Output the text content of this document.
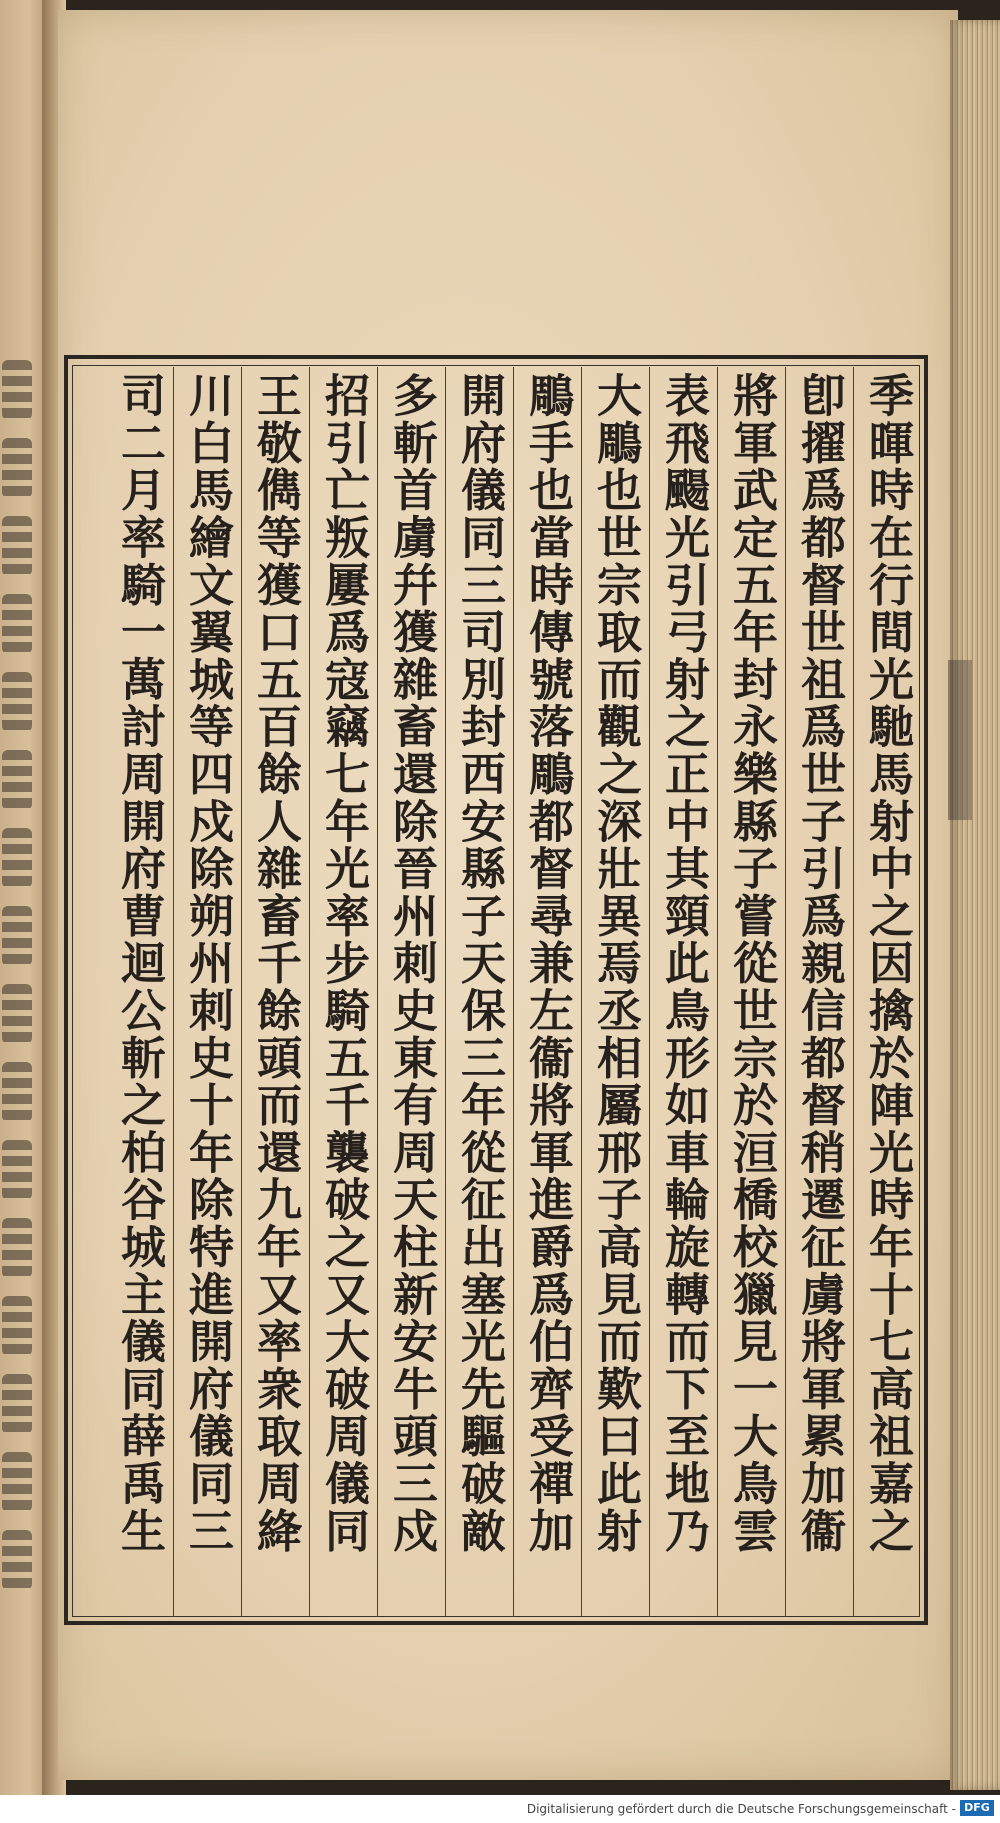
季暉時在行間光馳馬射中之因擒於陣光時年十七高祖嘉之
卽擢爲都督世祖爲世子引爲親信都督稍遷征虜將軍累加衞
將軍武定五年封永樂縣子嘗從世宗於洹橋校獵見一大鳥雲
表飛颺光引弓射之正中其頸此鳥形如車輪旋轉而下至地乃
大鵰也世宗取而觀之深壯異焉丞相屬邢子高見而歎曰此射
鵰手也當時傳號落鵰都督尋兼左衞將軍進爵爲伯齊受禪加
開府儀同三司別封西安縣子天保三年從征出塞光先驅破敵
多斬首虜幷獲雜畜還除晉州刺史東有周天柱新安牛頭三戍
招引亡叛屢爲寇竊七年光率步騎五千襲破之又大破周儀同
王敬儁等獲口五百餘人雜畜千餘頭而還九年又率衆取周絳
川白馬繪文翼城等四戍除朔州刺史十年除特進開府儀同三
司二月率騎一萬討周開府曹迴公斬之柏谷城主儀同薛禹生
Digitalisierung gefördert durch die Deutsche Forschungsgemeinschaft - DFG
